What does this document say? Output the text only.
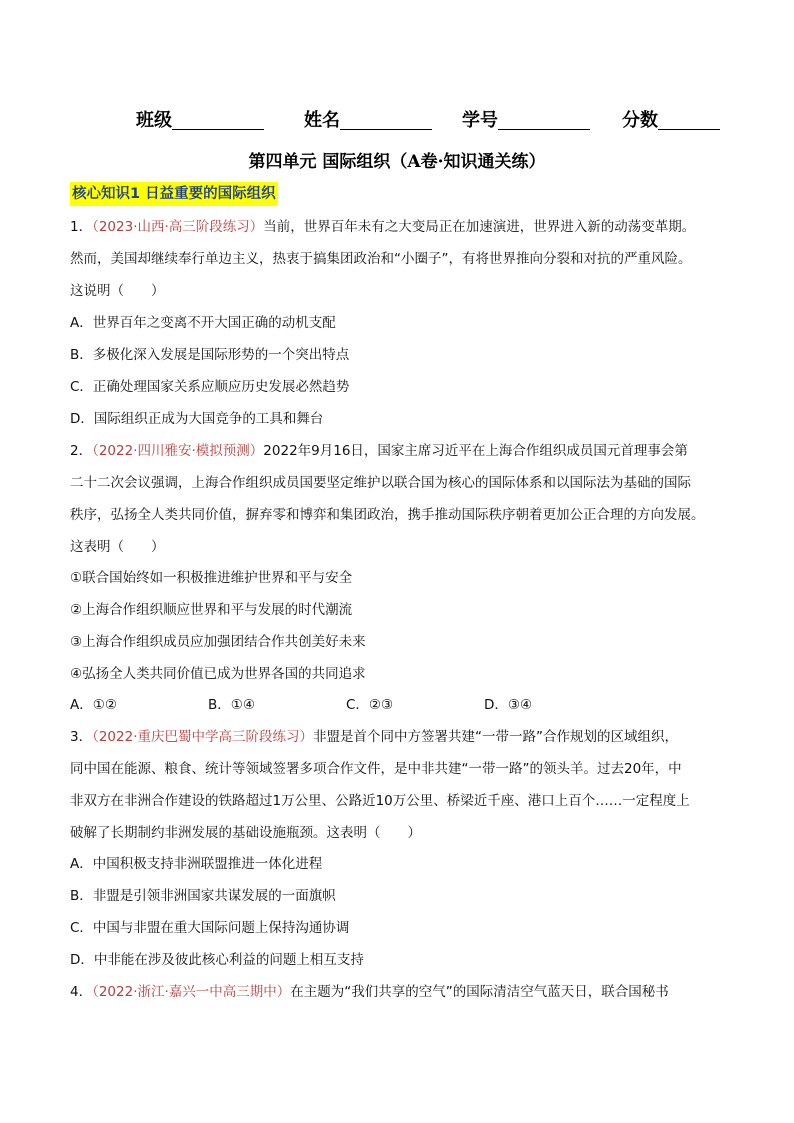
班级	姓名	学号	分数
第四单元 国际组织（A卷·知识通关练）
核心知识1 日益重要的国际组织
1．（2023·山西·高三阶段练习）当前，世界百年未有之大变局正在加速演进，世界进入新的动荡变革期。
然而，美国却继续奉行单边主义，热衷于搞集团政治和“小圈子”，有将世界推向分裂和对抗的严重风险。
这说明（　　）
A．世界百年之变离不开大国正确的动机支配
B．多极化深入发展是国际形势的一个突出特点
C．正确处理国家关系应顺应历史发展必然趋势
D．国际组织正成为大国竞争的工具和舞台
2．（2022·四川雅安·模拟预测）2022年9月16日，国家主席习近平在上海合作组织成员国元首理事会第
二十二次会议强调，上海合作组织成员国要坚定维护以联合国为核心的国际体系和以国际法为基础的国际
秩序，弘扬全人类共同价值，摒弃零和博弈和集团政治，携手推动国际秩序朝着更加公正合理的方向发展。
这表明（　　）
①联合国始终如一积极推进维护世界和平与安全
②上海合作组织顺应世界和平与发展的时代潮流
③上海合作组织成员应加强团结合作共创美好未来
④弘扬全人类共同价值已成为世界各国的共同追求
A．①②	B．①④	C．②③	D．③④
3．（2022·重庆巴蜀中学高三阶段练习）非盟是首个同中方签署共建“一带一路”合作规划的区域组织，
同中国在能源、粮食、统计等领域签署多项合作文件，是中非共建“一带一路”的领头羊。过去20年，中
非双方在非洲合作建设的铁路超过1万公里、公路近10万公里、桥梁近千座、港口上百个……一定程度上
破解了长期制约非洲发展的基础设施瓶颈。这表明（　　）
A．中国积极支持非洲联盟推进一体化进程
B．非盟是引领非洲国家共谋发展的一面旗帜
C．中国与非盟在重大国际问题上保持沟通协调
D．中非能在涉及彼此核心利益的问题上相互支持
4．（2022·浙江·嘉兴一中高三期中）在主题为“我们共享的空气”的国际清洁空气蓝天日，联合国秘书
